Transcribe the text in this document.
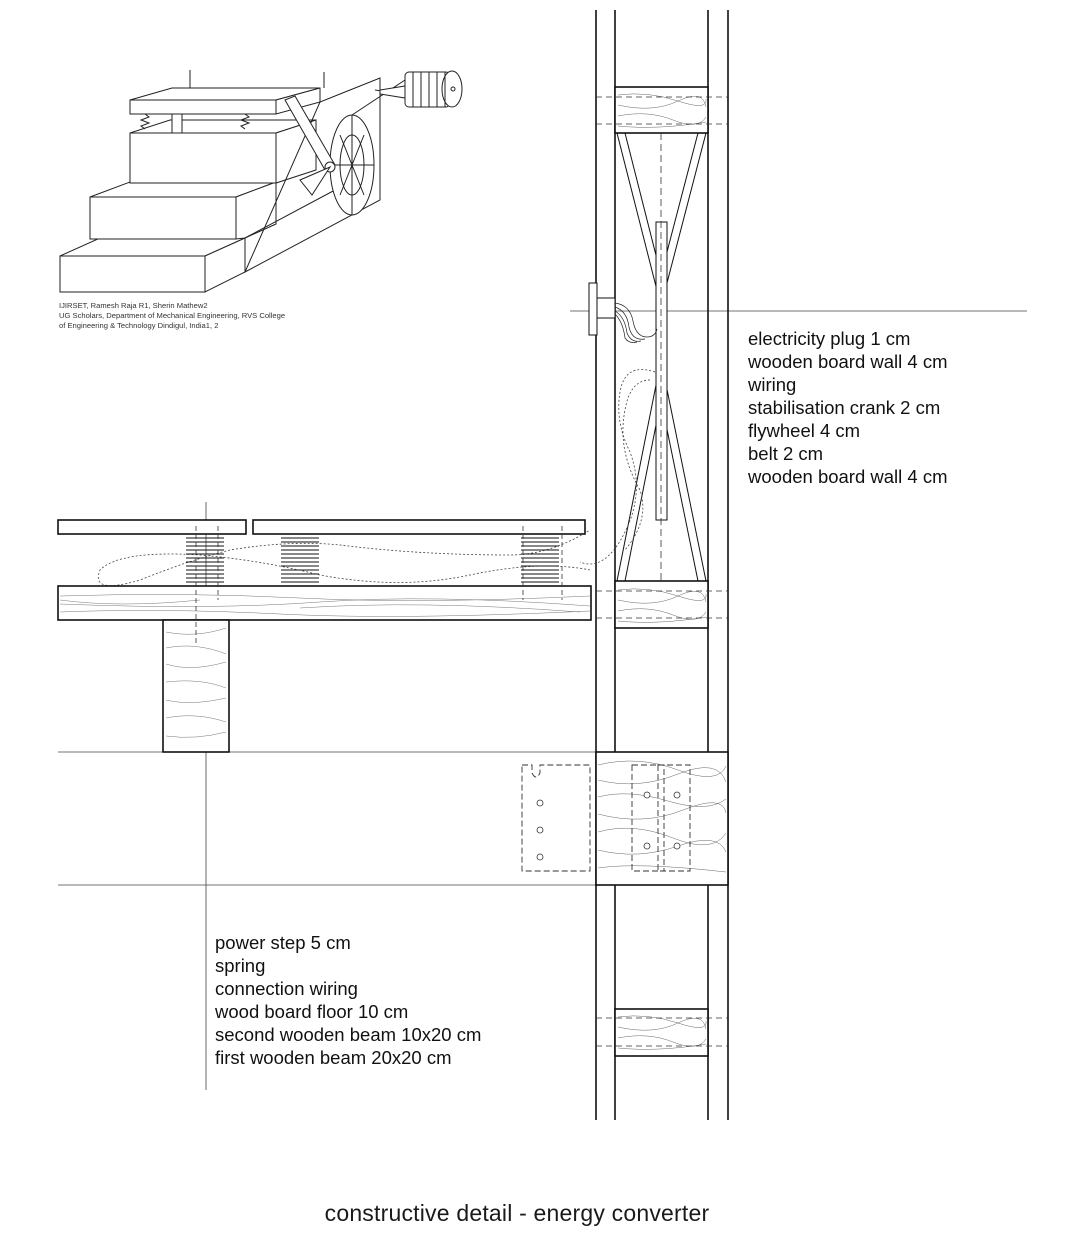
IJIRSET, Ramesh Raja R1, Sherin Mathew2
UG Scholars, Department of Mechanical Engineering, RVS College
of Engineering & Technology Dindigul, India1, 2
electricity plug 1 cm
wooden board wall 4 cm
wiring
stabilisation crank 2 cm
flywheel 4 cm
belt 2 cm
wooden board wall 4 cm
power step 5 cm
spring
connection wiring
wood board floor 10 cm
second wooden beam 10x20 cm
first wooden beam 20x20 cm
constructive detail - energy converter
